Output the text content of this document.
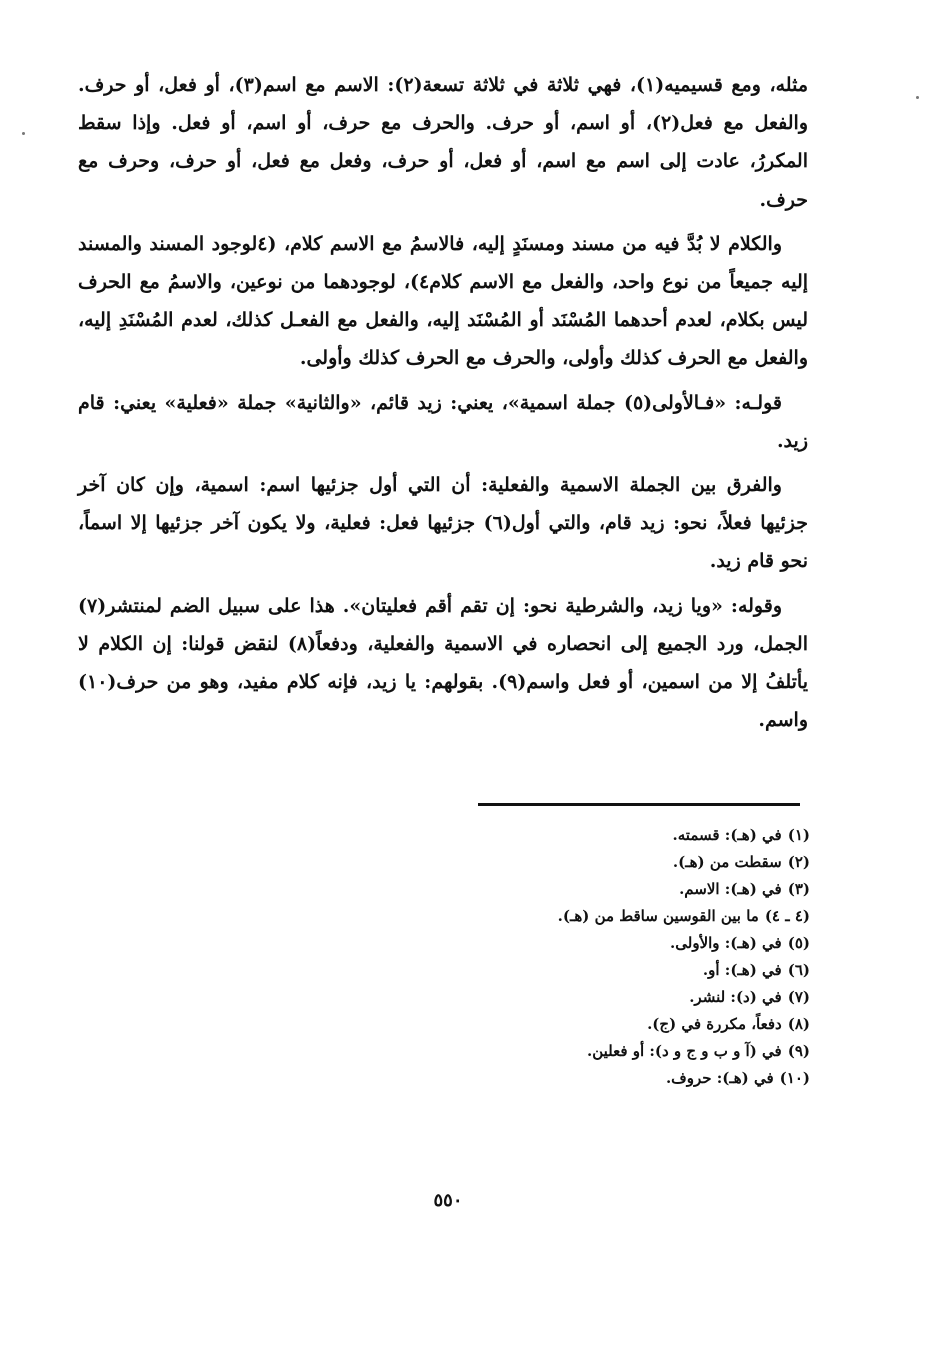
مثله، ومع قسيميه(١)، فهي ثلاثة في ثلاثة تسعة(٢): الاسم مع اسم(٣)، أو فعل، أو حرف. والفعل مع فعل(٢)، أو اسم، أو حرف. والحرف مع حرف، أو اسم، أو فعل. وإذا سقط المكررُ، عادت إلى اسم مع اسم، أو فعل، أو حرف، وفعل مع فعل، أو حرف، وحرف مع حرف.

والكلام لا بُدَّ فيه من مسند ومسنَدٍ إليه، فالاسمُ مع الاسم كلام، (٤لوجود المسند والمسند إليه جميعاً من نوع واحد، والفعل مع الاسم كلام٤)، لوجودهما من نوعين، والاسمُ مع الحرف ليس بكلام، لعدم أحدهما المُسْنَد أو المُسْنَد إليه، والفعل مع الفعـل كذلك، لعدم المُسْنَدِ إليه، والفعل مع الحرف كذلك وأولى، والحرف مع الحرف كذلك وأولى.

قولـه: «فـالأولى(٥) جملة اسمية»، يعني: زيد قائم، «والثانية» جملة «فعلية» يعني: قام زيد.

والفرق بين الجملة الاسمية والفعلية: أن التي أول جزئيها اسم: اسمية، وإن كان آخر جزئيها فعلاً، نحو: زيد قام، والتي أول(٦) جزئيها فعل: فعلية، ولا يكون آخر جزئيها إلا اسماً، نحو قام زيد.

وقوله: «ويا زيد، والشرطية نحو: إن تقم أقم فعليتان». هذا على سبيل الضم لمنتشر(٧) الجمل، ورد الجميع إلى انحصاره في الاسمية والفعلية، ودفعاً(٨) لنقض قولنا: إن الكلام لا يأتلفُ إلا من اسمين، أو فعل واسم(٩). بقولهم: يا زيد، فإنه كلام مفيد، وهو من حرف(١٠) واسم.

(١)في (هـ): قسمته.
(٢)سقطت من (هـ).
(٣)في (هـ): الاسم.
(٤ ـ ٤)ما بين القوسين ساقط من (هـ).
(٥)في (هـ): والأولى.
(٦)في (هـ): أو.
(٧)في (د): لنشر.
(٨)دفعاً، مكررة في (ج).
(٩)في (آ و ب و ج و د): أو فعلين.
(١٠)في (هـ): حروف.
٥٥٠
